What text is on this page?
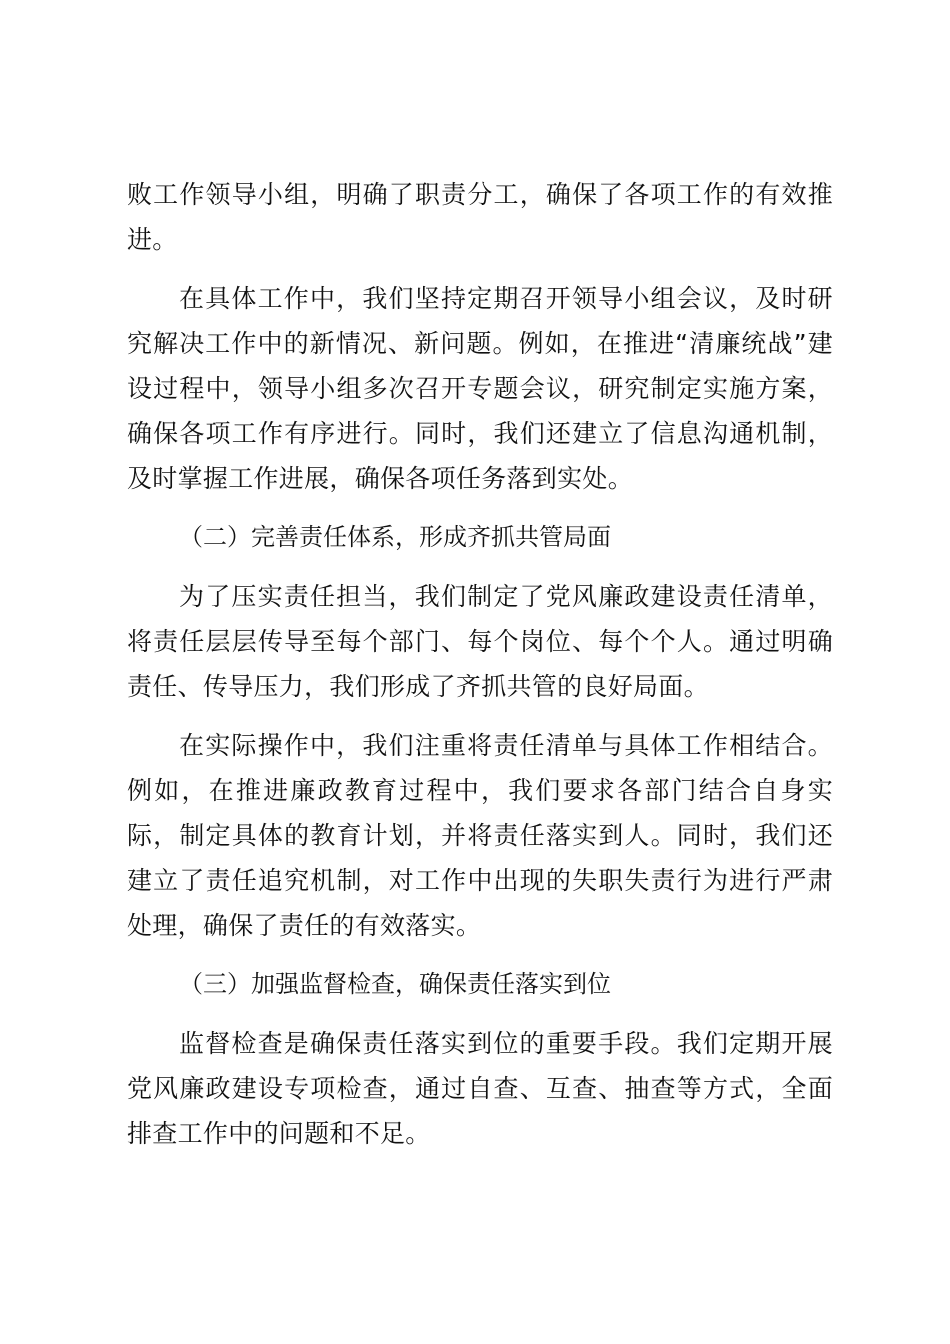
败工作领导小组，明确了职责分工，确保了各项工作的有效推进。

在具体工作中，我们坚持定期召开领导小组会议，及时研究解决工作中的新情况、新问题。例如，在推进“清廉统战”建设过程中，领导小组多次召开专题会议，研究制定实施方案，确保各项工作有序进行。同时，我们还建立了信息沟通机制，及时掌握工作进展，确保各项任务落到实处。

（二）完善责任体系，形成齐抓共管局面

为了压实责任担当，我们制定了党风廉政建设责任清单，将责任层层传导至每个部门、每个岗位、每个个人。通过明确责任、传导压力，我们形成了齐抓共管的良好局面。

在实际操作中，我们注重将责任清单与具体工作相结合。例如，在推进廉政教育过程中，我们要求各部门结合自身实际，制定具体的教育计划，并将责任落实到人。同时，我们还建立了责任追究机制，对工作中出现的失职失责行为进行严肃处理，确保了责任的有效落实。

（三）加强监督检查，确保责任落实到位

监督检查是确保责任落实到位的重要手段。我们定期开展党风廉政建设专项检查，通过自查、互查、抽查等方式，全面排查工作中的问题和不足。
